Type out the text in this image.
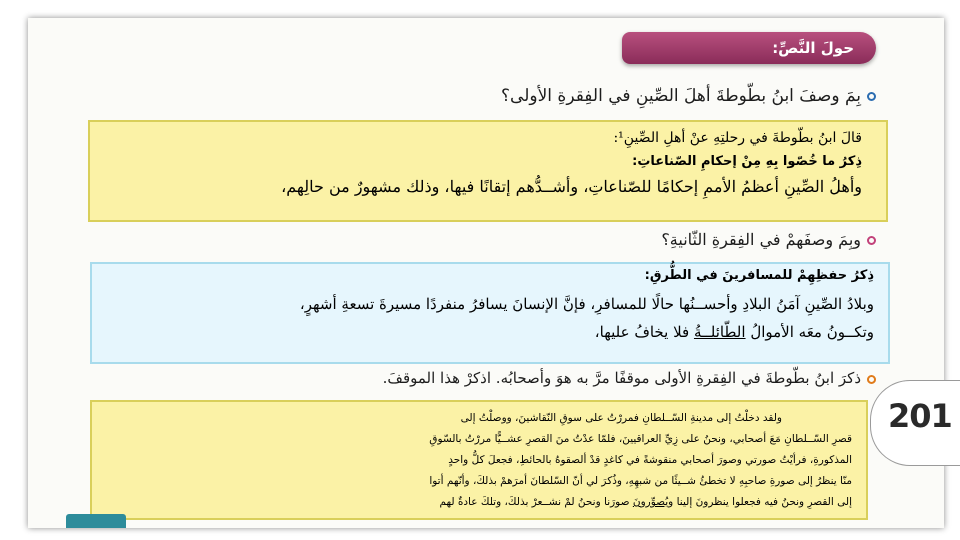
حولَ النَّصِّ:
بِمَ وصفَ ابنُ بطّوطةَ أهلَ الصِّينِ في الفِقرةِ الأولى؟
قالَ ابنُ بطّوطةَ في رحلتِهِ عنْ أهلِ الصِّينِ¹:
ذِكرُ ما خُصّوا بِهِ مِنْ إحكامِ الصّناعاتِ:
وأهلُ الصِّينِ أعظمُ الأممِ إحكامًا للصّناعاتِ، وأشــدُّهم إتقانًا فيها، وذلك مشهورٌ من حالِهم،
وبِمَ وصفَهمْ في الفِقرةِ الثّانيةِ؟
ذِكرُ حفظِهِمْ للمسافرينَ في الطُّرقِ:
وبلادُ الصِّينِ آمَنُ البلادِ وأحســنُها حالًا للمسافرِ، فإنَّ الإنسانَ يسافرُ منفردًا مسيرةَ تسعةِ أشهرٍ،
وتكــونُ معَه الأموالُ الطّائلــةُ فلا يخافُ عليها،
ذكرَ ابنُ بطّوطةَ في الفِقرةِ الأولى موقفًا مرَّ به هوَ وأصحابُه. اذكرْ هذا الموقفَ.
201
ولقد دخلْتُ إلى مدينةِ السّــلطانِ فمررْتُ على سوقِ النّقاشينَ، ووصلْتُ إلى
قصرِ السّــلطانِ مَعَ أصحابي، ونحنُ على زِيِّ العراقيينَ، فلمّا عدْتُ منَ القصرِ عشــيًّا مررْتُ بالسّوقِ
المذكورةِ، فرأيْتُ صورتي وصورَ أصحابي منقوشةً في كاغدٍ قدْ ألصقوهُ بالحائطِ، فجعلَ كلُّ واحدٍ
منّا ينظرُ إلى صورةِ صاحبِهِ لا تخطئُ شــيئًا من شبهِهِ، وذُكرَ لي أنّ السّلطانَ أمرَهمْ بذلكَ، وأنّهم أتوا
إلى القصرِ ونحنُ فيه فجعلوا ينظرونَ إلينا ويُصوِّرونَ صورَنا ونحنُ لمْ نشــعرْ بذلكَ، وتلكَ عادةٌ لهم
